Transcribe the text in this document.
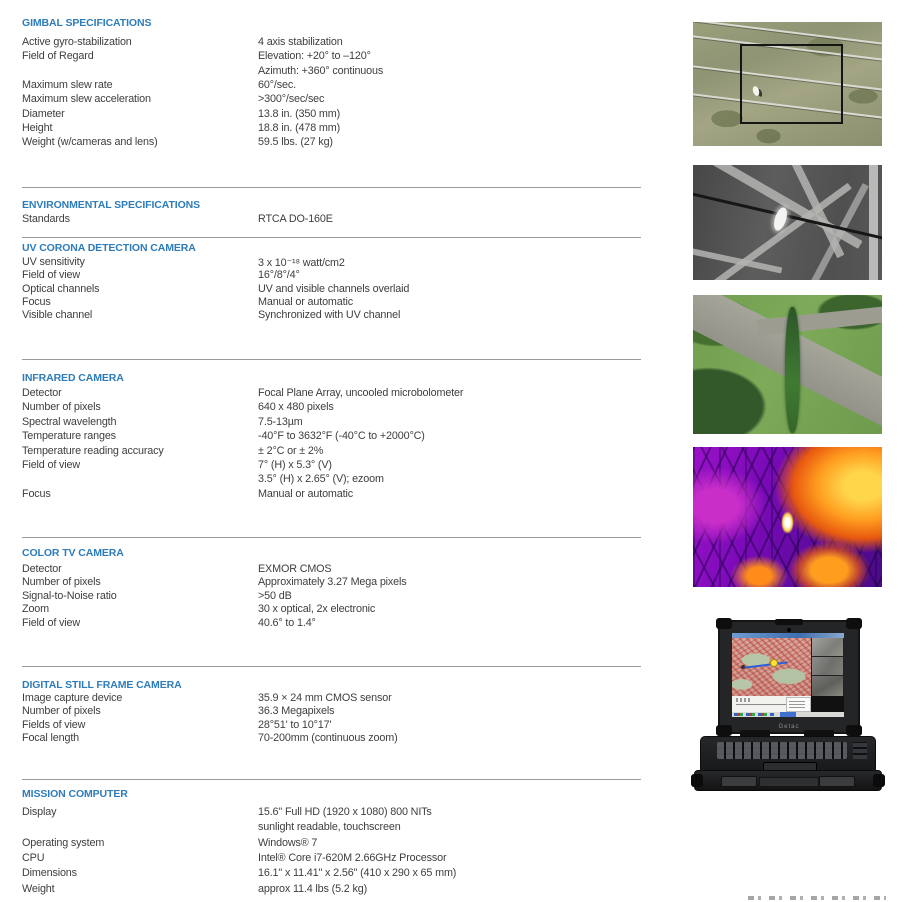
GIMBAL SPECIFICATIONS
Active gyro-stabilization	4 axis stabilization
Field of Regard	Elevation: +20° to –120°
Azimuth: +360° continuous
Maximum slew rate	60°/sec.
Maximum slew acceleration	>300°/sec/sec
Diameter	13.8 in. (350 mm)
Height	18.8 in. (478 mm)
Weight (w/cameras and lens)	59.5 lbs. (27 kg)
ENVIRONMENTAL SPECIFICATIONS
Standards	RTCA DO-160E
UV CORONA DETECTION CAMERA
UV sensitivity	3 x 10⁻¹⁸ watt/cm2
Field of view	16°/8°/4°
Optical channels	UV and visible channels overlaid
Focus	Manual or automatic
Visible channel	Synchronized with UV channel
INFRARED CAMERA
Detector	Focal Plane Array, uncooled microbolometer
Number of pixels	640 x 480 pixels
Spectral wavelength	7.5-13µm
Temperature ranges	-40°F to 3632°F (-40°C to +2000°C)
Temperature reading accuracy	± 2°C or ± 2%
Field of view	7° (H) x 5.3° (V)
3.5° (H) x 2.65° (V); ezoom
Focus	Manual or automatic
COLOR TV CAMERA
Detector	EXMOR CMOS
Number of pixels	Approximately 3.27 Mega pixels
Signal-to-Noise ratio	>50 dB
Zoom	30 x optical, 2x electronic
Field of view	40.6° to 1.4°
DIGITAL STILL FRAME CAMERA
Image capture device	35.9 × 24 mm CMOS sensor
Number of pixels	36.3 Megapixels
Fields of view	28°51' to 10°17'
Focal length	70-200mm (continuous zoom)
MISSION COMPUTER
Display	15.6" Full HD (1920 x 1080) 800 NITs
sunlight readable, touchscreen
Operating system	Windows® 7
CPU	Intel® Core i7-620M 2.66GHz Processor
Dimensions	16.1" x 11.41" x 2.56" (410 x 290 x 65 mm)
Weight	approx 11.4 lbs (5.2 kg)
Getac
